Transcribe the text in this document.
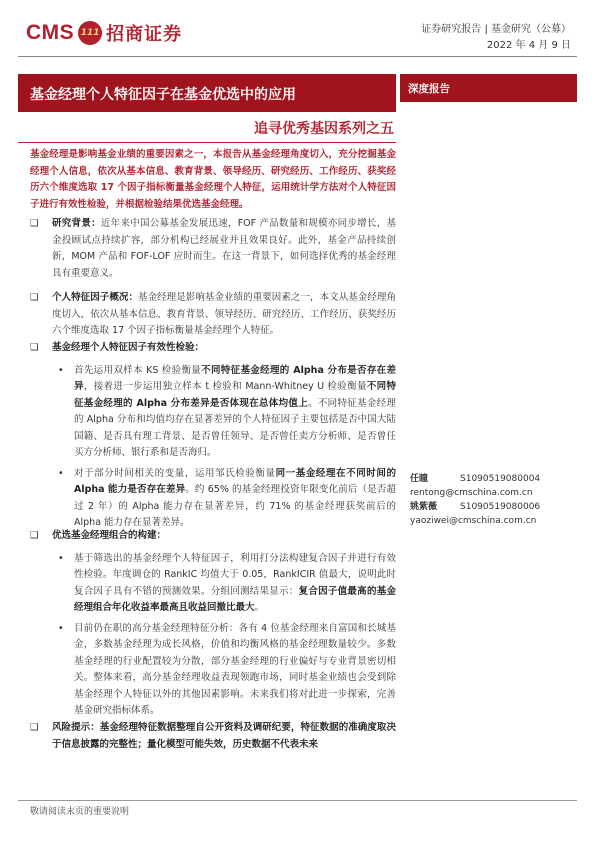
CMS 111 招商证券	证券研究报告 | 基金研究（公募）
2022 年 4 月 9 日
基金经理个人特征因子在基金优选中的应用	深度报告
追寻优秀基因系列之五
基金经理是影响基金业绩的重要因素之一，本报告从基金经理角度切入，充分挖掘基金经理个人信息，依次从基本信息、教育背景、领导经历、研究经历、工作经历、获奖经历六个维度选取 17 个因子指标衡量基金经理个人特征，运用统计学方法对个人特征因子进行有效性检验，并根据检验结果优选基金经理。
❑	研究背景：近年来中国公募基金发展迅速，FOF 产品数量和规模亦同步增长，基金投顾试点持续扩容，部分机构已经展业并且效果良好。此外，基金产品持续创新，MOM 产品和 FOF-LOF 应时而生。在这一背景下，如何选择优秀的基金经理具有重要意义。
❑	个人特征因子概况：基金经理是影响基金业绩的重要因素之一，本文从基金经理角度切入，依次从基本信息、教育背景、领导经历、研究经历、工作经历、获奖经历六个维度选取 17 个因子指标衡量基金经理个人特征。
❑	基金经理个人特征因子有效性检验：
• 首先运用双样本 KS 检验衡量不同特征基金经理的 Alpha 分布是否存在差异，接着进一步运用独立样本 t 检验和 Mann-Whitney U 检验衡量不同特征基金经理的 Alpha 分布差异是否体现在总体均值上。不同特征基金经理的 Alpha 分布和均值均存在显著差异的个人特征因子主要包括是否中国大陆国籍、是否具有理工背景、是否曾任领导、是否曾任卖方分析师、是否曾任买方分析师、银行系和是否海归。
• 对于部分时间相关的变量，运用邹氏检验衡量同一基金经理在不同时间的 Alpha 能力是否存在差异。约 65% 的基金经理投资年限变化前后（是否超过 2 年）的 Alpha 能力存在显著差异，约 71% 的基金经理获奖前后的 Alpha 能力存在显著差异。
❑	优选基金经理组合的构建：
• 基于筛选出的基金经理个人特征因子，利用打分法构建复合因子并进行有效性检验。年度调仓的 RankIC 均值大于 0.05，RankICIR 值最大，说明此时复合因子具有不错的预测效果。分组回测结果显示：复合因子值最高的基金经理组合年化收益率最高且收益回撤比最大。
• 目前仍在职的高分基金经理特征分析：各有 4 位基金经理来自富国和长城基金，多数基金经理为成长风格，价值和均衡风格的基金经理数量较少。多数基金经理的行业配置较为分散，部分基金经理的行业偏好与专业背景密切相关。整体来看，高分基金经理收益表现领跑市场，同时基金业绩也会受到除基金经理个人特征以外的其他因素影响。未来我们将对此进一步探索，完善基金研究指标体系。
❑	风险提示：基金经理特征数据整理自公开资料及调研纪要，特征数据的准确度取决于信息披露的完整性；量化模型可能失效，历史数据不代表未来
任瞳	S1090519080004
rentong@cmschina.com.cn
姚紫薇	S1090519080006
yaoziwei@cmschina.com.cn
敬请阅读末页的重要说明
